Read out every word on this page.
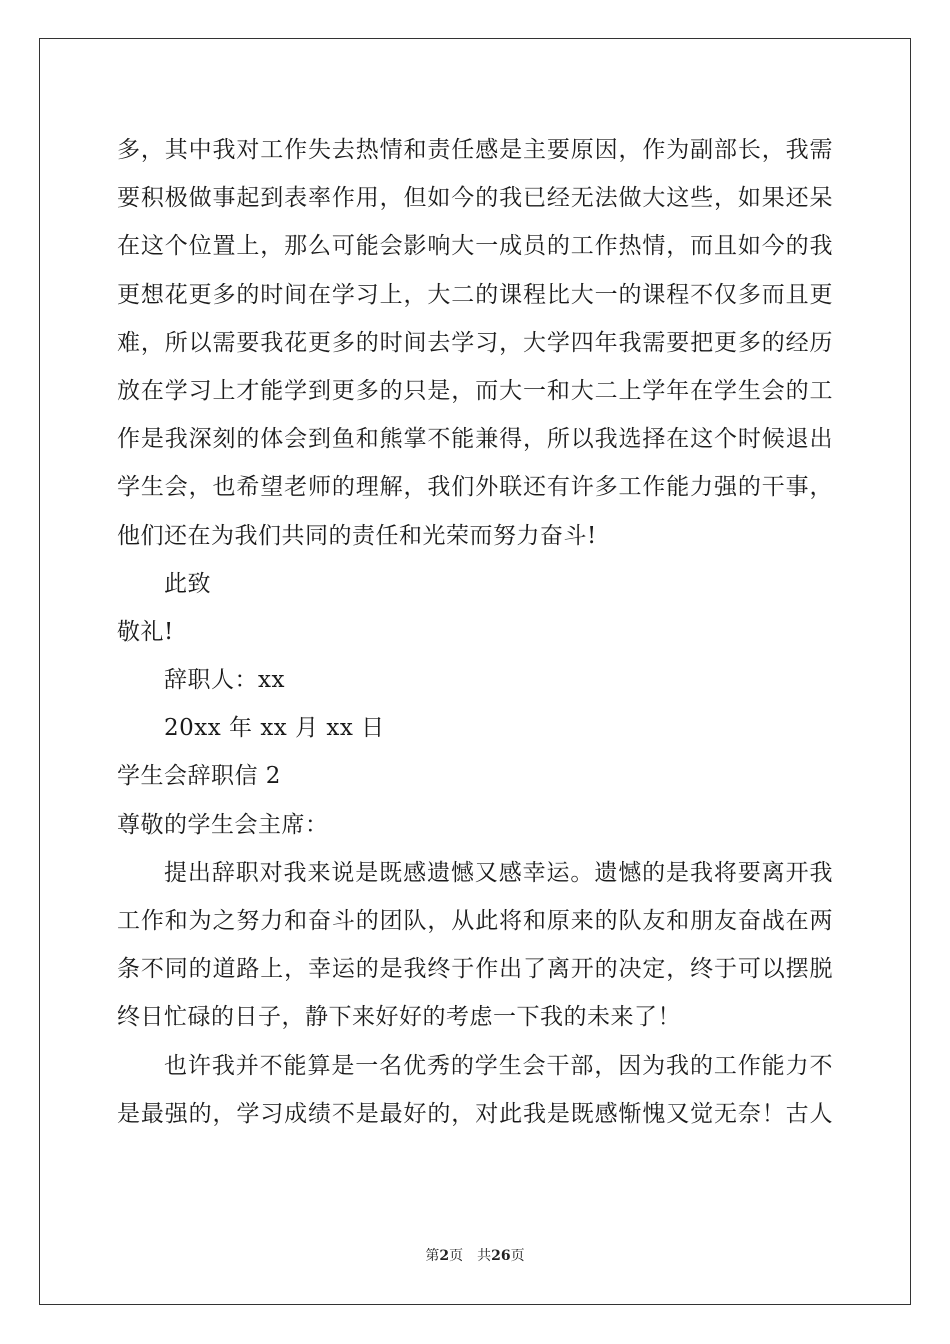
多，其中我对工作失去热情和责任感是主要原因，作为副部长，我需
要积极做事起到表率作用，但如今的我已经无法做大这些，如果还呆
在这个位置上，那么可能会影响大一成员的工作热情，而且如今的我
更想花更多的时间在学习上，大二的课程比大一的课程不仅多而且更
难，所以需要我花更多的时间去学习，大学四年我需要把更多的经历
放在学习上才能学到更多的只是，而大一和大二上学年在学生会的工
作是我深刻的体会到鱼和熊掌不能兼得，所以我选择在这个时候退出
学生会，也希望老师的理解，我们外联还有许多工作能力强的干事，
他们还在为我们共同的责任和光荣而努力奋斗!
此致
敬礼!
辞职人：xx
20xx 年 xx 月 xx 日
学生会辞职信 2
尊敬的学生会主席：
提出辞职对我来说是既感遗憾又感幸运。遗憾的是我将要离开我
工作和为之努力和奋斗的团队，从此将和原来的队友和朋友奋战在两
条不同的道路上，幸运的是我终于作出了离开的决定，终于可以摆脱
终日忙碌的日子，静下来好好的考虑一下我的未来了！
也许我并不能算是一名优秀的学生会干部，因为我的工作能力不
是最强的，学习成绩不是最好的，对此我是既感惭愧又觉无奈！古人
第2页　共26页
